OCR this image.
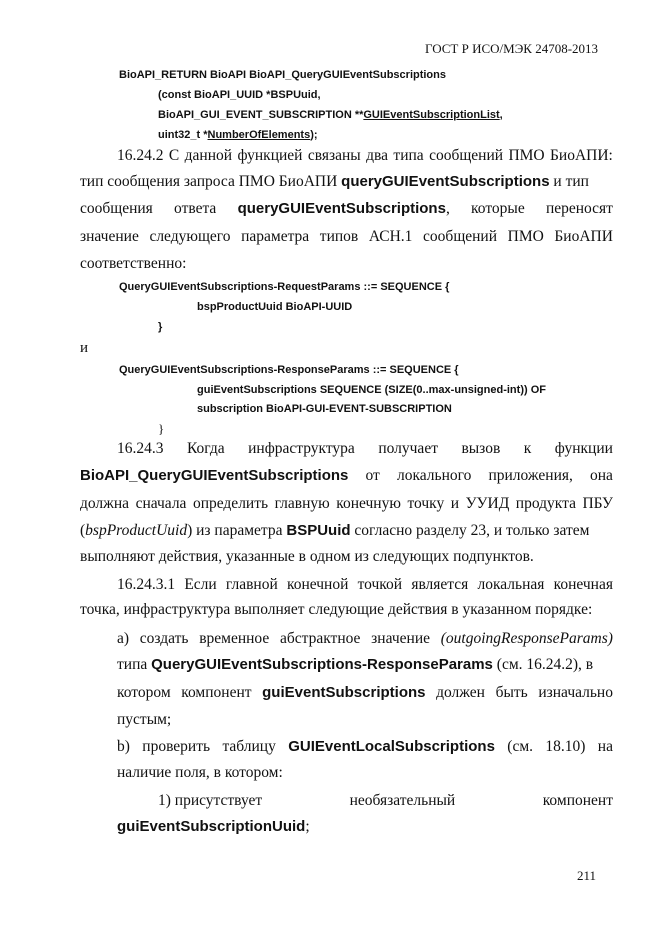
ГОСТ Р ИСО/МЭК 24708-2013
BioAPI_RETURN BioAPI BioAPI_QueryGUIEventSubscriptions
(const BioAPI_UUID *BSPUuid,
BioAPI_GUI_EVENT_SUBSCRIPTION **GUIEventSubscriptionList,
uint32_t *NumberOfElements);
16.24.2 С данной функцией связаны два типа сообщений ПМО БиоАПИ:
тип сообщения запроса ПМО БиоАПИ queryGUIEventSubscriptions и тип
сообщения ответа queryGUIEventSubscriptions, которые переносят
значение следующего параметра типов АСН.1 сообщений ПМО БиоАПИ
соответственно:
QueryGUIEventSubscriptions-RequestParams ::= SEQUENCE {
bspProductUuid BioAPI-UUID
}
и
QueryGUIEventSubscriptions-ResponseParams ::= SEQUENCE {
guiEventSubscriptions SEQUENCE (SIZE(0..max-unsigned-int)) OF
subscription BioAPI-GUI-EVENT-SUBSCRIPTION
}
16.24.3 Когда инфраструктура получает вызов к функции
BioAPI_QueryGUIEventSubscriptions от локального приложения, она
должна сначала определить главную конечную точку и УУИД продукта ПБУ
(bspProductUuid) из параметра BSPUuid согласно разделу 23, и только затем
выполняют действия, указанные в одном из следующих подпунктов.
16.24.3.1 Если главной конечной точкой является локальная конечная
точка, инфраструктура выполняет следующие действия в указанном порядке:
а) создать временное абстрактное значение (outgoingResponseParams)
типа QueryGUIEventSubscriptions-ResponseParams (см. 16.24.2), в
котором компонент guiEventSubscriptions должен быть изначально
пустым;
b) проверить таблицу GUIEventLocalSubscriptions (см. 18.10) на
наличие поля, в котором:
1) присутствует	необязательный	компонент
guiEventSubscriptionUuid;
211
